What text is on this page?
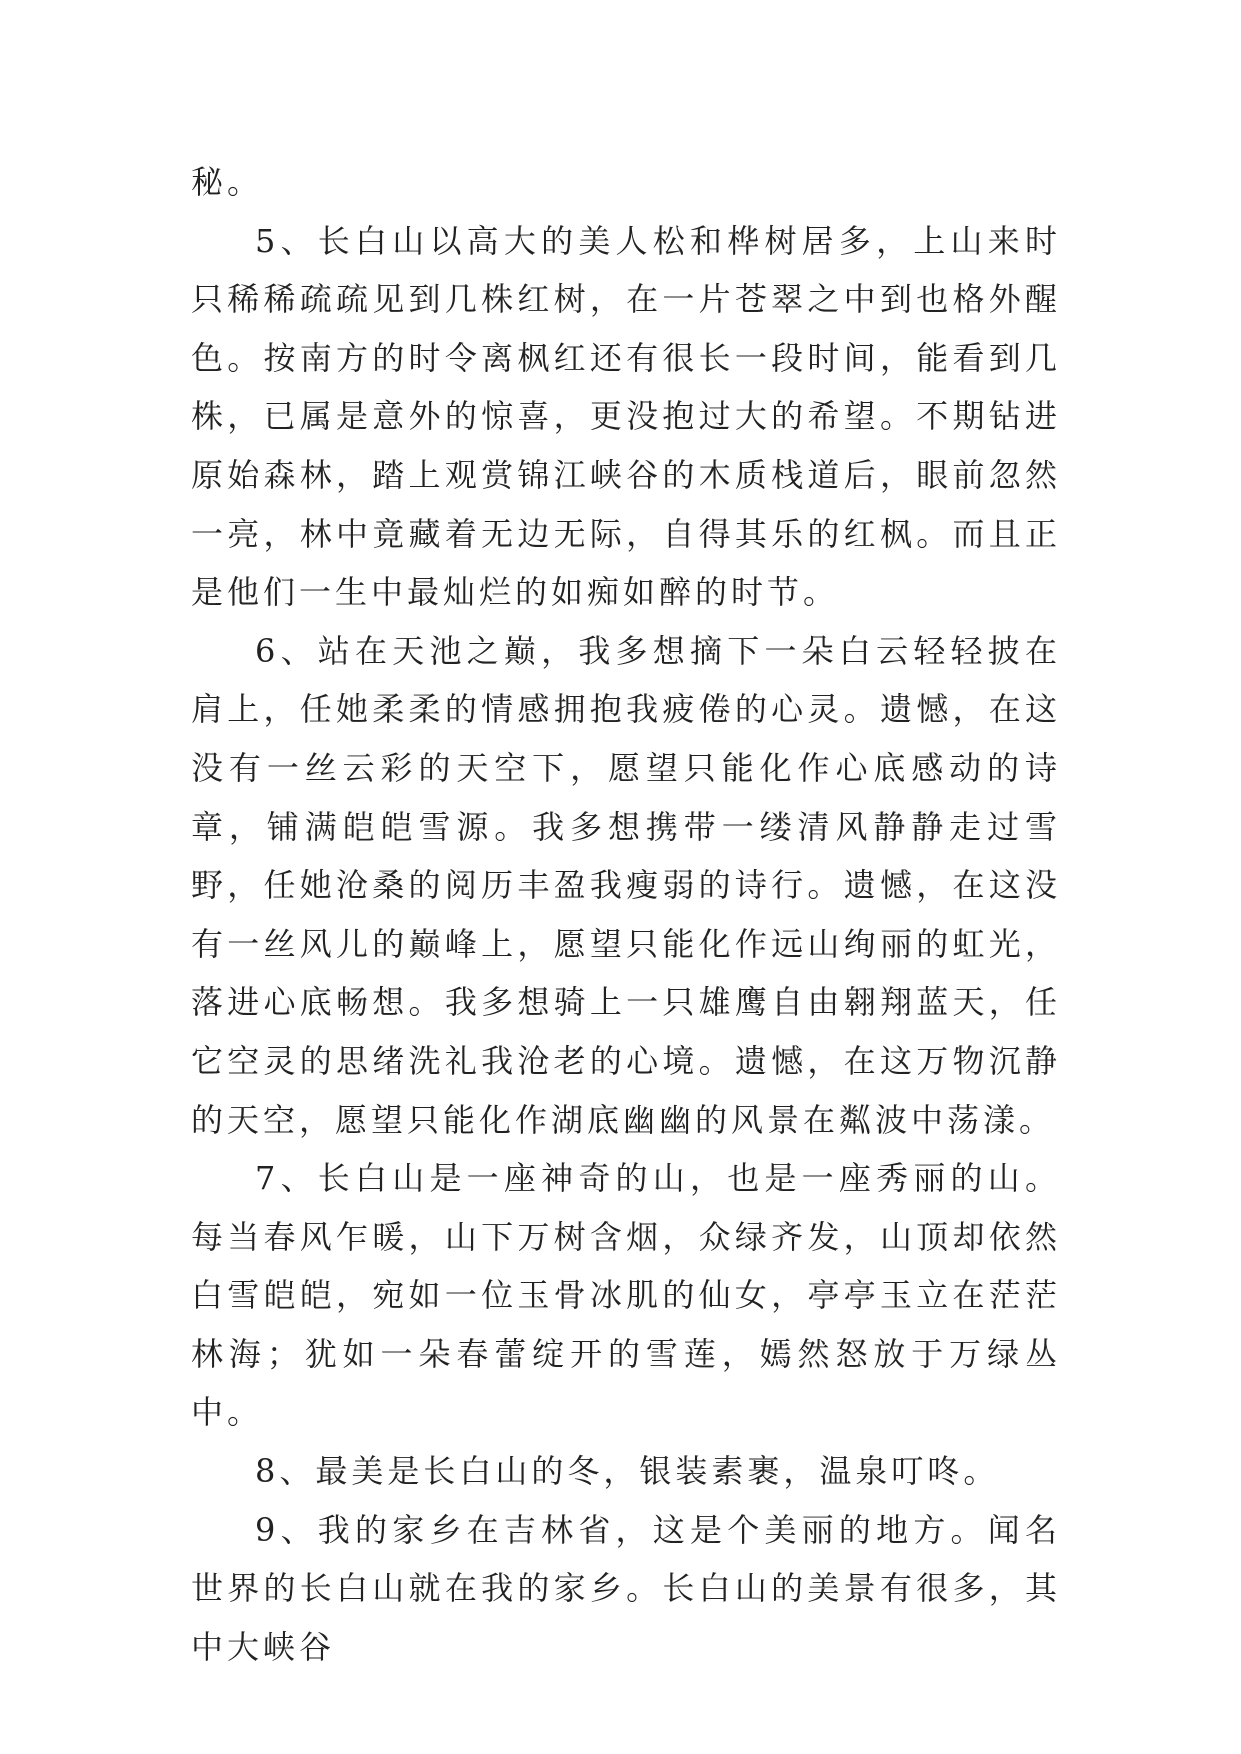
秘。

5、长白山以高大的美人松和桦树居多，上山来时只稀稀疏疏见到几株红树，在一片苍翠之中到也格外醒色。按南方的时令离枫红还有很长一段时间，能看到几株，已属是意外的惊喜，更没抱过大的希望。不期钻进原始森林，踏上观赏锦江峡谷的木质栈道后，眼前忽然一亮，林中竟藏着无边无际，自得其乐的红枫。而且正是他们一生中最灿烂的如痴如醉的时节。

6、站在天池之巅，我多想摘下一朵白云轻轻披在肩上，任她柔柔的情感拥抱我疲倦的心灵。遗憾，在这没有一丝云彩的天空下，愿望只能化作心底感动的诗章，铺满皑皑雪源。我多想携带一缕清风静静走过雪野，任她沧桑的阅历丰盈我瘦弱的诗行。遗憾，在这没有一丝风儿的巅峰上，愿望只能化作远山绚丽的虹光，落进心底畅想。我多想骑上一只雄鹰自由翱翔蓝天，任它空灵的思绪洗礼我沧老的心境。遗憾，在这万物沉静的天空，愿望只能化作湖底幽幽的风景在粼波中荡漾。

7、长白山是一座神奇的山，也是一座秀丽的山。每当春风乍暖，山下万树含烟，众绿齐发，山顶却依然白雪皑皑，宛如一位玉骨冰肌的仙女，亭亭玉立在茫茫林海；犹如一朵春蕾绽开的雪莲，嫣然怒放于万绿丛中。

8、最美是长白山的冬，银装素裹，温泉叮咚。

9、我的家乡在吉林省，这是个美丽的地方。闻名世界的长白山就在我的家乡。长白山的美景有很多，其中大峡谷
